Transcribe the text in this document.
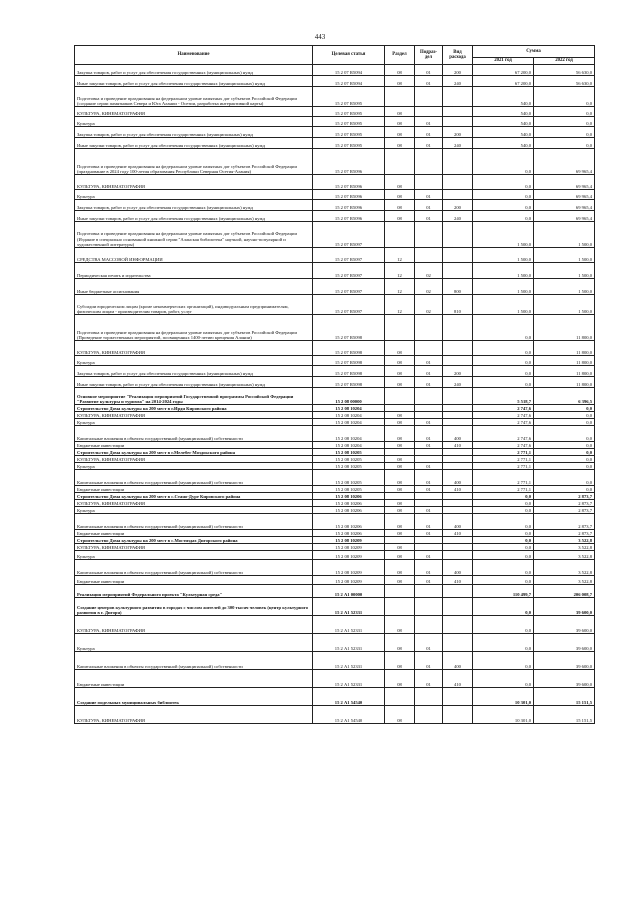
443
Наименование	Целевая статья	Раздел	Подраз-дел	Вид расхода	Сумма	
					2021 год	2022 год
Закупка товаров, работ и услуг для обеспечения государственных (муниципальных) нужд	15 2 07 R5094	08	01	200	67 200,0	56 630,0
Иные закупки товаров, работ и услуг для обеспечения государственных (муниципальных) нужд	15 2 07 R5094	08	01	240	67 200,0	56 630,0
Подготовка и проведение празднования на федеральном уровне памятных дат субъектов Российской Федерации (создание серии памятников Севера и Юга Алании - Осетии, разработка интерактивной карты)	15 2 07 R5095				540,0	0,0
КУЛЬТУРА, КИНЕМАТОГРАФИЯ	15 2 07 R5095	08			540,0	0,0
Культура	15 2 07 R5095	08	01		540,0	0,0
Закупка товаров, работ и услуг для обеспечения государственных (муниципальных) нужд	15 2 07 R5095	08	01	200	540,0	0,0
Иные закупки товаров, работ и услуг для обеспечения государственных (муниципальных) нужд	15 2 07 R5095	08	01	240	540,0	0,0
Подготовка и проведение празднования на федеральном уровне памятных дат субъектов Российской Федерации (празднование в 2024 году 100-летия образования Республики Северная Осетия-Алания)	15 2 07 R5096				0,0	69 965,4
КУЛЬТУРА, КИНЕМАТОГРАФИЯ	15 2 07 R5096	08			0,0	69 965,4
Культура	15 2 07 R5096	08	01		0,0	69 965,4
Закупка товаров, работ и услуг для обеспечения государственных (муниципальных) нужд	15 2 07 R5096	08	01	200	0,0	69 965,4
Иные закупки товаров, работ и услуг для обеспечения государственных (муниципальных) нужд	15 2 07 R5096	08	01	240	0,0	69 965,4
Подготовка и проведение празднования на федеральном уровне памятных дат субъектов Российской Федерации (Издание в специально основанной книжной серии "Аланская библиотека" научной, научно-популярной и художественной литературы)	15 2 07 R5097				1 500,0	1 500,0
СРЕДСТВА МАССОВОЙ ИНФОРМАЦИИ	15 2 07 R5097	12			1 500,0	1 500,0
Периодическая печать и издательства	15 2 07 R5097	12	02		1 500,0	1 500,0
Иные бюджетные ассигнования	15 2 07 R5097	12	02	800	1 500,0	1 500,0
Субсидии юридическим лицам (кроме некоммерческих организаций), индивидуальным предпринимателям, физическим лицам - производителям товаров, работ, услуг	15 2 07 R5097	12	02	810	1 500,0	1 500,0
Подготовка и проведение празднования на федеральном уровне памятных дат субъектов Российской Федерации (Проведение торжественных мероприятий, посвященных 1400-летию крещения Алании)	15 2 07 R5098				0,0	11 800,0
КУЛЬТУРА, КИНЕМАТОГРАФИЯ	15 2 07 R5098	08			0,0	11 800,0
Культура	15 2 07 R5098	08	01		0,0	11 800,0
Закупка товаров, работ и услуг для обеспечения государственных (муниципальных) нужд	15 2 07 R5098	08	01	200	0,0	11 800,0
Иные закупки товаров, работ и услуг для обеспечения государственных (муниципальных) нужд	15 2 07 R5098	08	01	240	0,0	11 800,0
Основное мероприятие "Реализация мероприятий Государственной программы Российской Федерации "Развитие культуры и туризма" на 2014-2024 годы	15 2 08 00000				5 518,7	6 396,5
Строительство Дома культуры на 200 мест в г.Ирдн Кировского района	15 2 08 10204				2 747,6	0,0
КУЛЬТУРА, КИНЕМАТОГРАФИЯ	15 2 08 10204	08			2 747,6	0,0
Культура	15 2 08 10204	08	01		2 747,6	0,0
Капитальные вложения в объекты государственной (муниципальной) собственности	15 2 08 10204	08	01	400	2 747,6	0,0
Бюджетные инвестиции	15 2 08 10204	08	01	410	2 747,6	0,0
Строительство Дома культуры на 200 мест в г.Мелебег Моздокского района	15 2 08 10205				2 771,1	0,0
КУЛЬТУРА, КИНЕМАТОГРАФИЯ	15 2 08 10205	08			2 771,1	0,0
Культура	15 2 08 10205	08	01		2 771,1	0,0
Капитальные вложения в объекты государственной (муниципальной) собственности	15 2 08 10205	08	01	400	2 771,1	0,0
Бюджетные инвестиции	15 2 08 10205	08	01	410	2 771,1	0,0
Строительство Дома культуры на 200 мест в с.Стано-Дуре Кировского района	15 2 08 10206				0,0	2 873,7
КУЛЬТУРА, КИНЕМАТОГРАФИЯ	15 2 08 10206	08			0,0	2 873,7
Культура	15 2 08 10206	08	01		0,0	2 873,7
Капитальные вложения в объекты государственной (муниципальной) собственности	15 2 08 10206	08	01	400	0,0	2 873,7
Бюджетные инвестиции	15 2 08 10206	08	01	410	0,0	2 873,7
Строительство Дома культуры на 200 мест в с.Мостиздах Дигорского района	15 2 08 10209				0,0	3 522,8
КУЛЬТУРА, КИНЕМАТОГРАФИЯ	15 2 08 10209	08			0,0	3 522,8
Культура	15 2 08 10209	08	01		0,0	3 522,8
Капитальные вложения в объекты государственной (муниципальной) собственности	15 2 08 10209	08	01	400	0,0	3 522,8
Бюджетные инвестиции	15 2 08 10209	08	01	410	0,0	3 522,8
Реализация мероприятий Федерального проекта "Культурная среда"	15 2 А1 00000				110 499,7	206 008,7
Создание центров культурного развития в городах с числом жителей до 300 тысяч человек (центр культурного развития в г. Дигоря)	15 2 А1 52331				0,0	39 600,0
КУЛЬТУРА, КИНЕМАТОГРАФИЯ	15 2 А1 52331	08			0,0	39 600,0
Культура	15 2 А1 52331	08	01		0,0	39 600,0
Капитальные вложения в объекты государственной (муниципальной) собственности	15 2 А1 52331	08	01	400	0,0	39 600,0
Бюджетные инвестиции	15 2 А1 52331	08	01	410	0,0	39 600,0
Создание модельных муниципальных библиотек	15 2 А1 54540				10 301,0	15 151,5
КУЛЬТУРА, КИНЕМАТОГРАФИЯ	15 2 А1 54540	08			10 301,0	15 151,5
